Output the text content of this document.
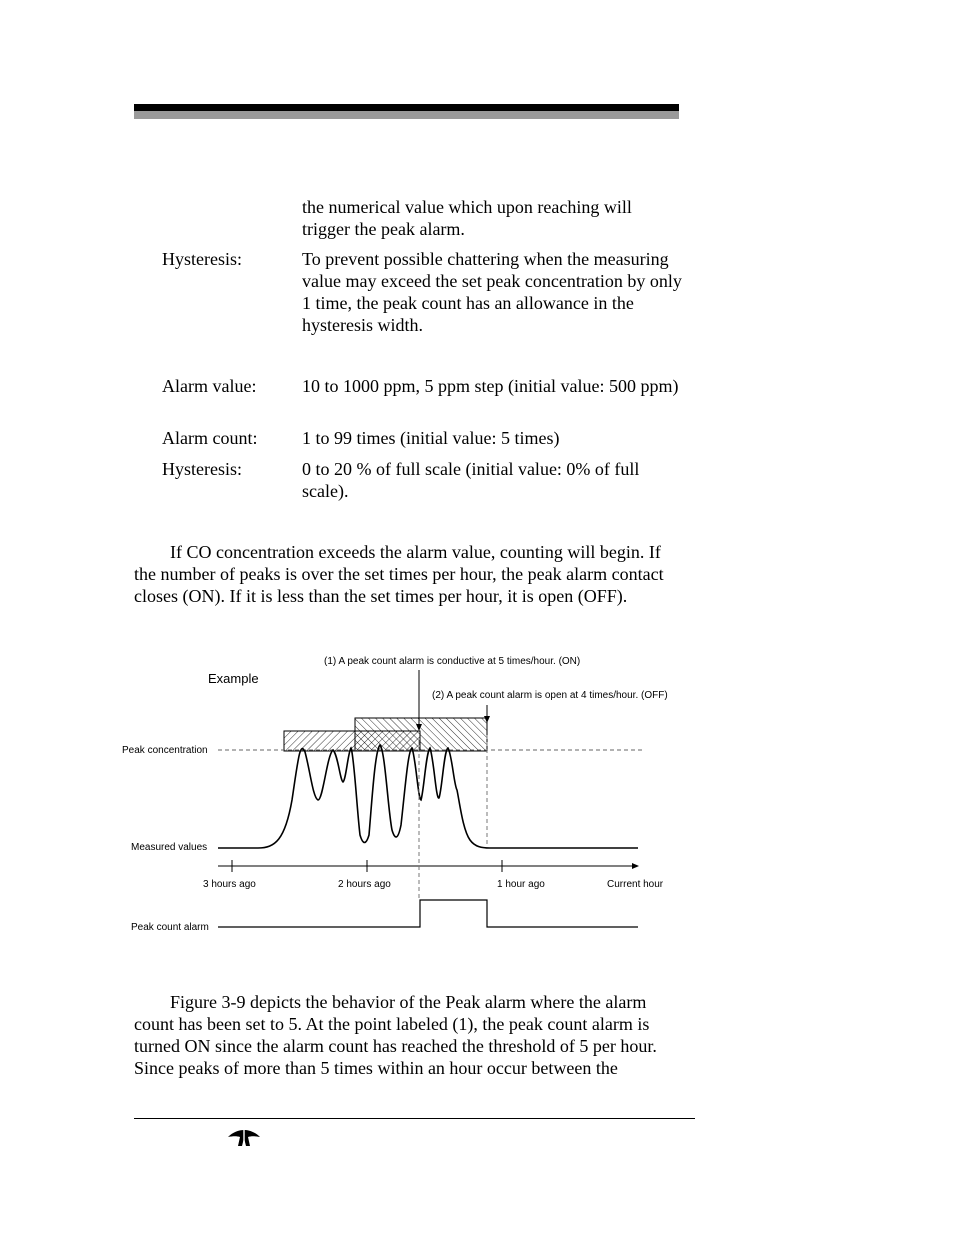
the numerical value which upon reaching will trigger the peak alarm.
Hysteresis:	To prevent possible chattering when the measuring value may exceed the set peak concentration by only 1 time, the peak count has an allowance in the hysteresis width.
Alarm value:	10 to 1000 ppm, 5 ppm step (initial value: 500 ppm)
Alarm count: 1 to 99 times (initial value: 5 times)
Hysteresis:	0 to 20 % of full scale (initial value: 0% of full scale).
If CO concentration exceeds the alarm value, counting will begin. If the number of peaks is over the set times per hour, the peak alarm contact closes (ON). If it is less than the set times per hour, it is open (OFF).
(1) A peak count alarm is conductive at 5 times/hour. (ON)
Example
(2) A peak count alarm is open at 4 times/hour. (OFF)
Peak concentration
Measured values
3 hours ago	2 hours ago	1 hour ago	Current hour
Peak count alarm
Figure 3-9 depicts the behavior of the Peak alarm where the alarm count has been set to 5. At the point labeled (1), the peak count alarm is turned ON since the alarm count has reached the threshold of 5 per hour. Since peaks of more than 5 times within an hour occur between the
